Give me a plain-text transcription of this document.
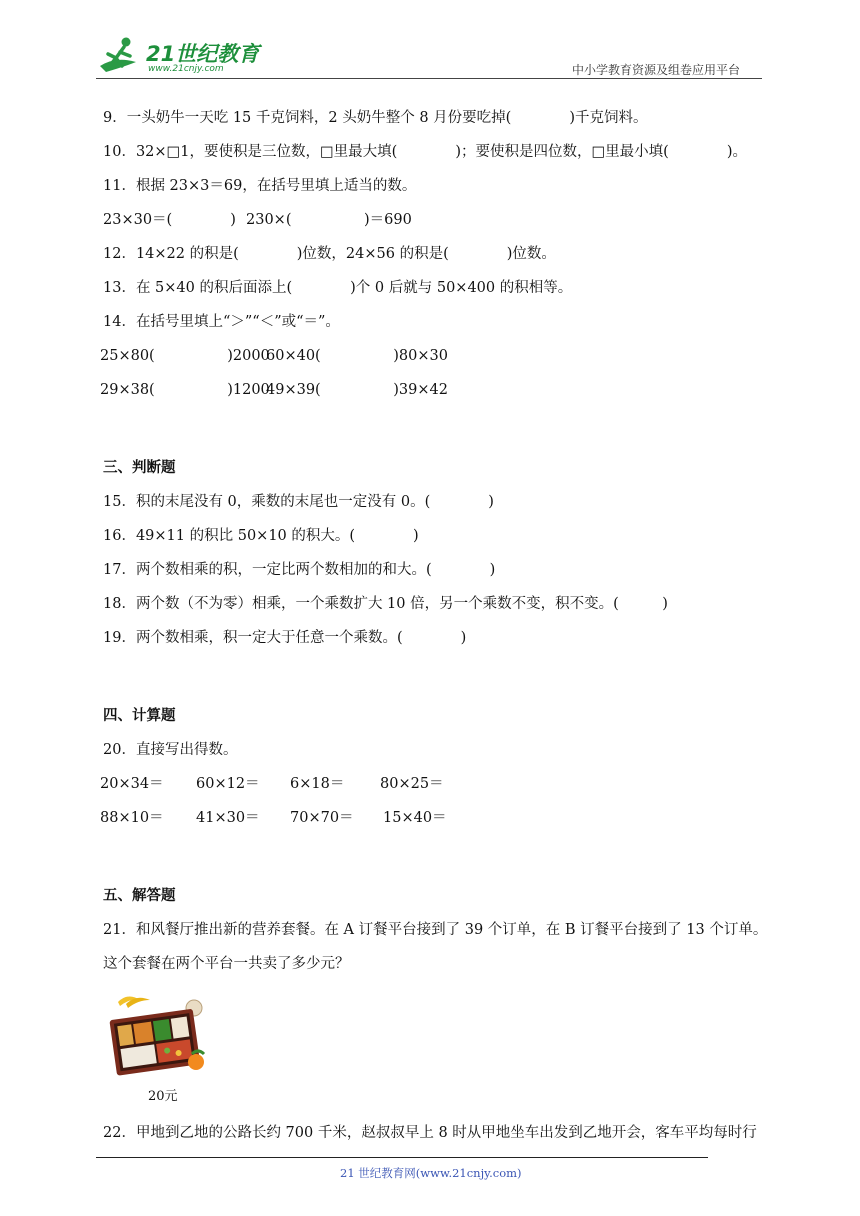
21世纪教育
www.21cnjy.com	中小学教育资源及组卷应用平台
9．一头奶牛一天吃 15 千克饲料，2 头奶牛整个 8 月份要吃掉(　　　　)千克饲料。
10．32×□1，要使积是三位数，□里最大填(　　　　)；要使积是四位数，□里最小填(　　　　)。
11．根据 23×3＝69，在括号里填上适当的数。
23×30＝(　　　　) 230×(　　　　　)＝690
12．14×22 的积是(　　　　)位数，24×56 的积是(　　　　)位数。
13．在 5×40 的积后面添上(　　　　)个 0 后就与 50×400 的积相等。
14．在括号里填上“＞”“＜”或“＝”。
25×80(　　　　　)2000
60×40(　　　　　)80×30
29×38(　　　　　)1200
49×39(　　　　　)39×42
三、判断题
15．积的末尾没有 0，乘数的末尾也一定没有 0。(　　　　)
16．49×11 的积比 50×10 的积大。(　　　　)
17．两个数相乘的积，一定比两个数相加的和大。(　　　　)
18．两个数（不为零）相乘，一个乘数扩大 10 倍，另一个乘数不变，积不变。(　　　)
19．两个数相乘，积一定大于任意一个乘数。(　　　　)
四、计算题
20．直接写出得数。
20×34＝ 60×12＝ 6×18＝ 80×25＝
88×10＝ 41×30＝ 70×70＝ 15×40＝
五、解答题
21．和风餐厅推出新的营养套餐。在 A 订餐平台接到了 39 个订单，在 B 订餐平台接到了 13 个订单。
这个套餐在两个平台一共卖了多少元？
20元
22．甲地到乙地的公路长约 700 千米，赵叔叔早上 8 时从甲地坐车出发到乙地开会，客车平均每时行
21 世纪教育网(www.21cnjy.com)
